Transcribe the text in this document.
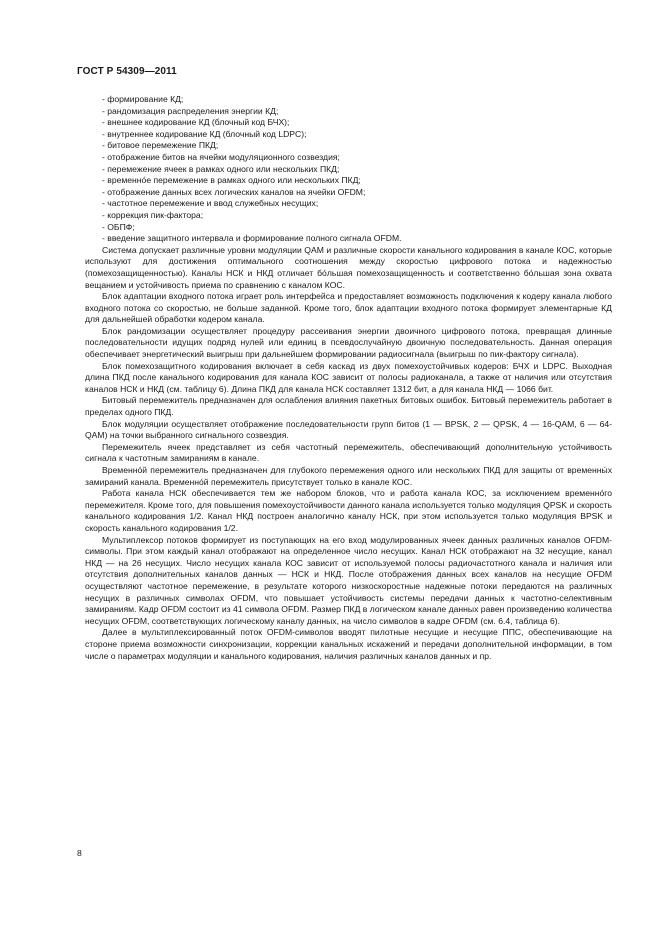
ГОСТ Р 54309—2011
- формирование КД;
- рандомизация распределения энергии КД;
- внешнее кодирование КД (блочный код БЧХ);
- внутреннее кодирование КД (блочный код LDPC);
- битовое перемежение ПКД;
- отображение битов на ячейки модуляционного созвездия;
- перемежение ячеек в рамках одного или нескольких ПКД;
- временно́е перемежение в рамках одного или нескольких ПКД;
- отображение данных всех логических каналов на ячейки OFDM;
- частотное перемежение и ввод служебных несущих;
- коррекция пик-фактора;
- ОБПФ;
- введение защитного интервала и формирование полного сигнала OFDM.

Система допускает различные уровни модуляции QAM и различные скорости канального кодирования в канале КОС, которые используют для достижения оптимального соотношения между скоростью цифрового потока и надежностью (помехозащищенностью). Каналы НСК и НКД отличает бо́льшая помехозащищенность и соответственно бо́льшая зона охвата вещанием и устойчивость приема по сравнению с каналом КОС.

Блок адаптации входного потока играет роль интерфейса и предоставляет возможность подключения к кодеру канала любого входного потока со скоростью, не больше заданной. Кроме того, блок адаптации входного потока формирует элементарные КД для дальнейшей обработки кодером канала.

Блок рандомизации осуществляет процедуру рассеивания энергии двоичного цифрового потока, превращая длинные последовательности идущих подряд нулей или единиц в псевдослучайную двоичную последовательность. Данная операция обеспечивает энергетический выигрыш при дальнейшем формировании радиосигнала (выигрыш по пик-фактору сигнала).

Блок помехозащитного кодирования включает в себя каскад из двух помехоустойчивых кодеров: БЧХ и LDPC. Выходная длина ПКД после канального кодирования для канала КОС зависит от полосы радиоканала, а также от наличия или отсутствия каналов НСК и НКД (см. таблицу 6). Длина ПКД для канала НСК составляет 1312 бит, а для канала НКД — 1066 бит.

Битовый перемежитель предназначен для ослабления влияния пакетных битовых ошибок. Битовый перемежитель работает в пределах одного ПКД.

Блок модуляции осуществляет отображение последовательности групп битов (1 — BPSK, 2 — QPSK, 4 — 16-QAM, 6 — 64-QAM) на точки выбранного сигнального созвездия.

Перемежитель ячеек представляет из себя частотный перемежитель, обеспечивающий дополнительную устойчивость сигнала к частотным замираниям в канале.

Временно́й перемежитель предназначен для глубокого перемежения одного или нескольких ПКД для защиты от временны́х замираний канала. Временно́й перемежитель присутствует только в канале КОС.

Работа канала НСК обеспечивается тем же набором блоков, что и работа канала КОС, за исключением временно́го перемежителя. Кроме того, для повышения помехоустойчивости данного канала используется только модуляция QPSK и скорость канального кодирования 1/2. Канал НКД построен аналогично каналу НСК, при этом используется только модуляция BPSK и скорость канального кодирования 1/2.

Мультиплексор потоков формирует из поступающих на его вход модулированных ячеек данных различных каналов OFDM-символы. При этом каждый канал отображают на определенное число несущих. Канал НСК отображают на 32 несущие, канал НКД — на 26 несущих. Число несущих канала КОС зависит от используемой полосы радиочастотного канала и наличия или отсутствия дополнительных каналов данных — НСК и НКД. После отображения данных всех каналов на несущие OFDM осуществляют частотное перемежение, в результате которого низкоскоростные надежные потоки передаются на различных несущих в различных символах OFDM, что повышает устойчивость системы передачи данных к частотно-селективным замираниям. Кадр OFDM состоит из 41 символа OFDM. Размер ПКД в логическом канале данных равен произведению количества несущих OFDM, соответствующих логическому каналу данных, на число символов в кадре OFDM (см. 6.4, таблица 6).

Далее в мультиплексированный поток OFDM-символов вводят пилотные несущие и несущие ППС, обеспечивающие на стороне приема возможности синхронизации, коррекции канальных искажений и передачи дополнительной информации, в том числе о параметрах модуляции и канального кодирования, наличия различных каналов данных и пр.

8
